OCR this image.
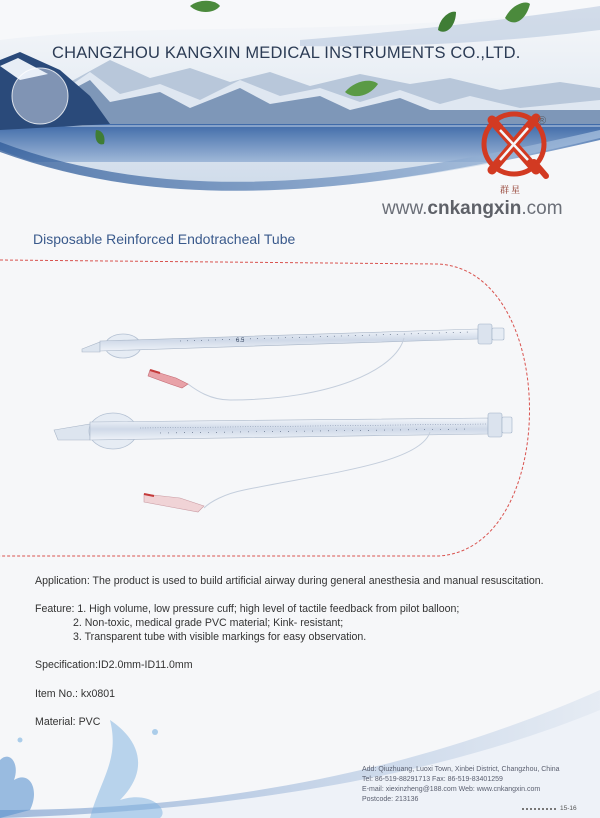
CHANGZHOU KANGXIN MEDICAL INSTRUMENTS CO.,LTD.
®
群星
www.cnkangxin.com
Disposable Reinforced Endotracheal Tube
6.5
Application: The product is used to build artificial airway during general anesthesia and manual resuscitation.
Feature: 1. High volume, low pressure cuff; high level of tactile feedback from pilot balloon;
2. Non-toxic, medical grade PVC material; Kink- resistant;
3. Transparent tube with visible markings for easy observation.
Specification:ID2.0mm-ID11.0mm
Item No.: kx0801
Material: PVC
Add: Qiuzhuang, Luoxi Town, Xinbei District, Changzhou, China
Tel: 86-519-88291713 Fax: 86-519-83401259
E-mail: xiexinzheng@188.com Web: www.cnkangxin.com
Postcode: 213136
15-16
